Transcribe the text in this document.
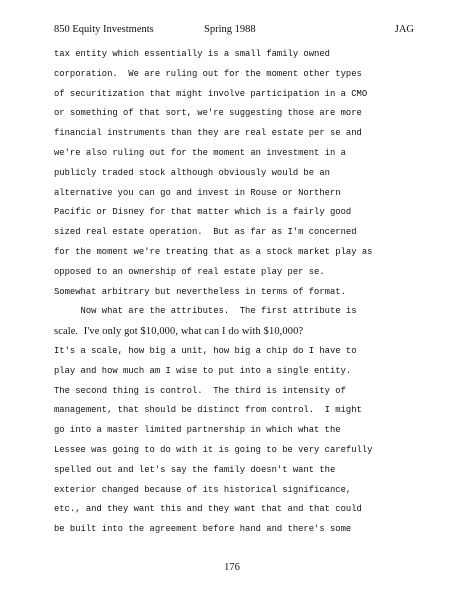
850 Equity Investments	Spring 1988	JAG
tax entity which essentially is a small family owned
corporation.  We are ruling out for the moment other types
of securitization that might involve participation in a CMO
or something of that sort, we're suggesting those are more
financial instruments than they are real estate per se and
we're also ruling out for the moment an investment in a
publicly traded stock although obviously would be an
alternative you can go and invest in Rouse or Northern
Pacific or Disney for that matter which is a fairly good
sized real estate operation.  But as far as I'm concerned
for the moment we're treating that as a stock market play as
opposed to an ownership of real estate play per se.
Somewhat arbitrary but nevertheless in terms of format.
Now what are the attributes.  The first attribute is
scale.  I've only got $10,000, what can I do with $10,000?
It's a scale, how big a unit, how big a chip do I have to
play and how much am I wise to put into a single entity.
The second thing is control.  The third is intensity of
management, that should be distinct from control.  I might
go into a master limited partnership in which what the
Lessee was going to do with it is going to be very carefully
spelled out and let's say the family doesn't want the
exterior changed because of its historical significance,
etc., and they want this and they want that and that could
be built into the agreement before hand and there's some
176
